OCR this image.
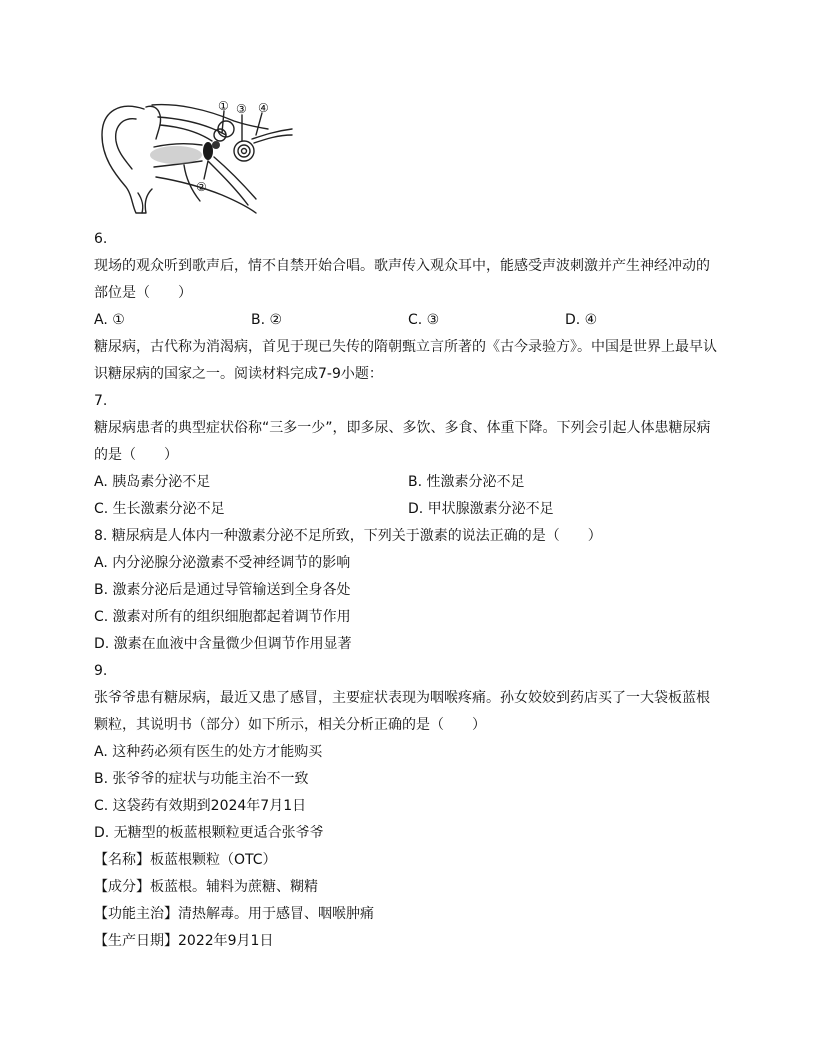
① ③ ④
②
6.
现场的观众听到歌声后，情不自禁开始合唱。歌声传入观众耳中，能感受声波刺激并产生神经冲动的部位是（　　）
A. ①	B. ②	C. ③	D. ④
糖尿病，古代称为消渴病，首见于现已失传的隋朝甄立言所著的《古今录验方》。中国是世界上最早认识糖尿病的国家之一。阅读材料完成7-9小题：
7.
糖尿病患者的典型症状俗称“三多一少”，即多尿、多饮、多食、体重下降。下列会引起人体患糖尿病的是（　　）
A. 胰岛素分泌不足	B. 性激素分泌不足
C. 生长激素分泌不足	D. 甲状腺激素分泌不足
8. 糖尿病是人体内一种激素分泌不足所致，下列关于激素的说法正确的是（　　）
A. 内分泌腺分泌激素不受神经调节的影响
B. 激素分泌后是通过导管输送到全身各处
C. 激素对所有的组织细胞都起着调节作用
D. 激素在血液中含量微少但调节作用显著
9.
张爷爷患有糖尿病，最近又患了感冒，主要症状表现为咽喉疼痛。孙女姣姣到药店买了一大袋板蓝根颗粒，其说明书（部分）如下所示，相关分析正确的是（　　）
A. 这种药必须有医生的处方才能购买
B. 张爷爷的症状与功能主治不一致
C. 这袋药有效期到2024年7月1日
D. 无糖型的板蓝根颗粒更适合张爷爷
【名称】板蓝根颗粒（OTC）
【成分】板蓝根。辅料为蔗糖、糊精
【功能主治】清热解毒。用于感冒、咽喉肿痛
【生产日期】2022年9月1日
